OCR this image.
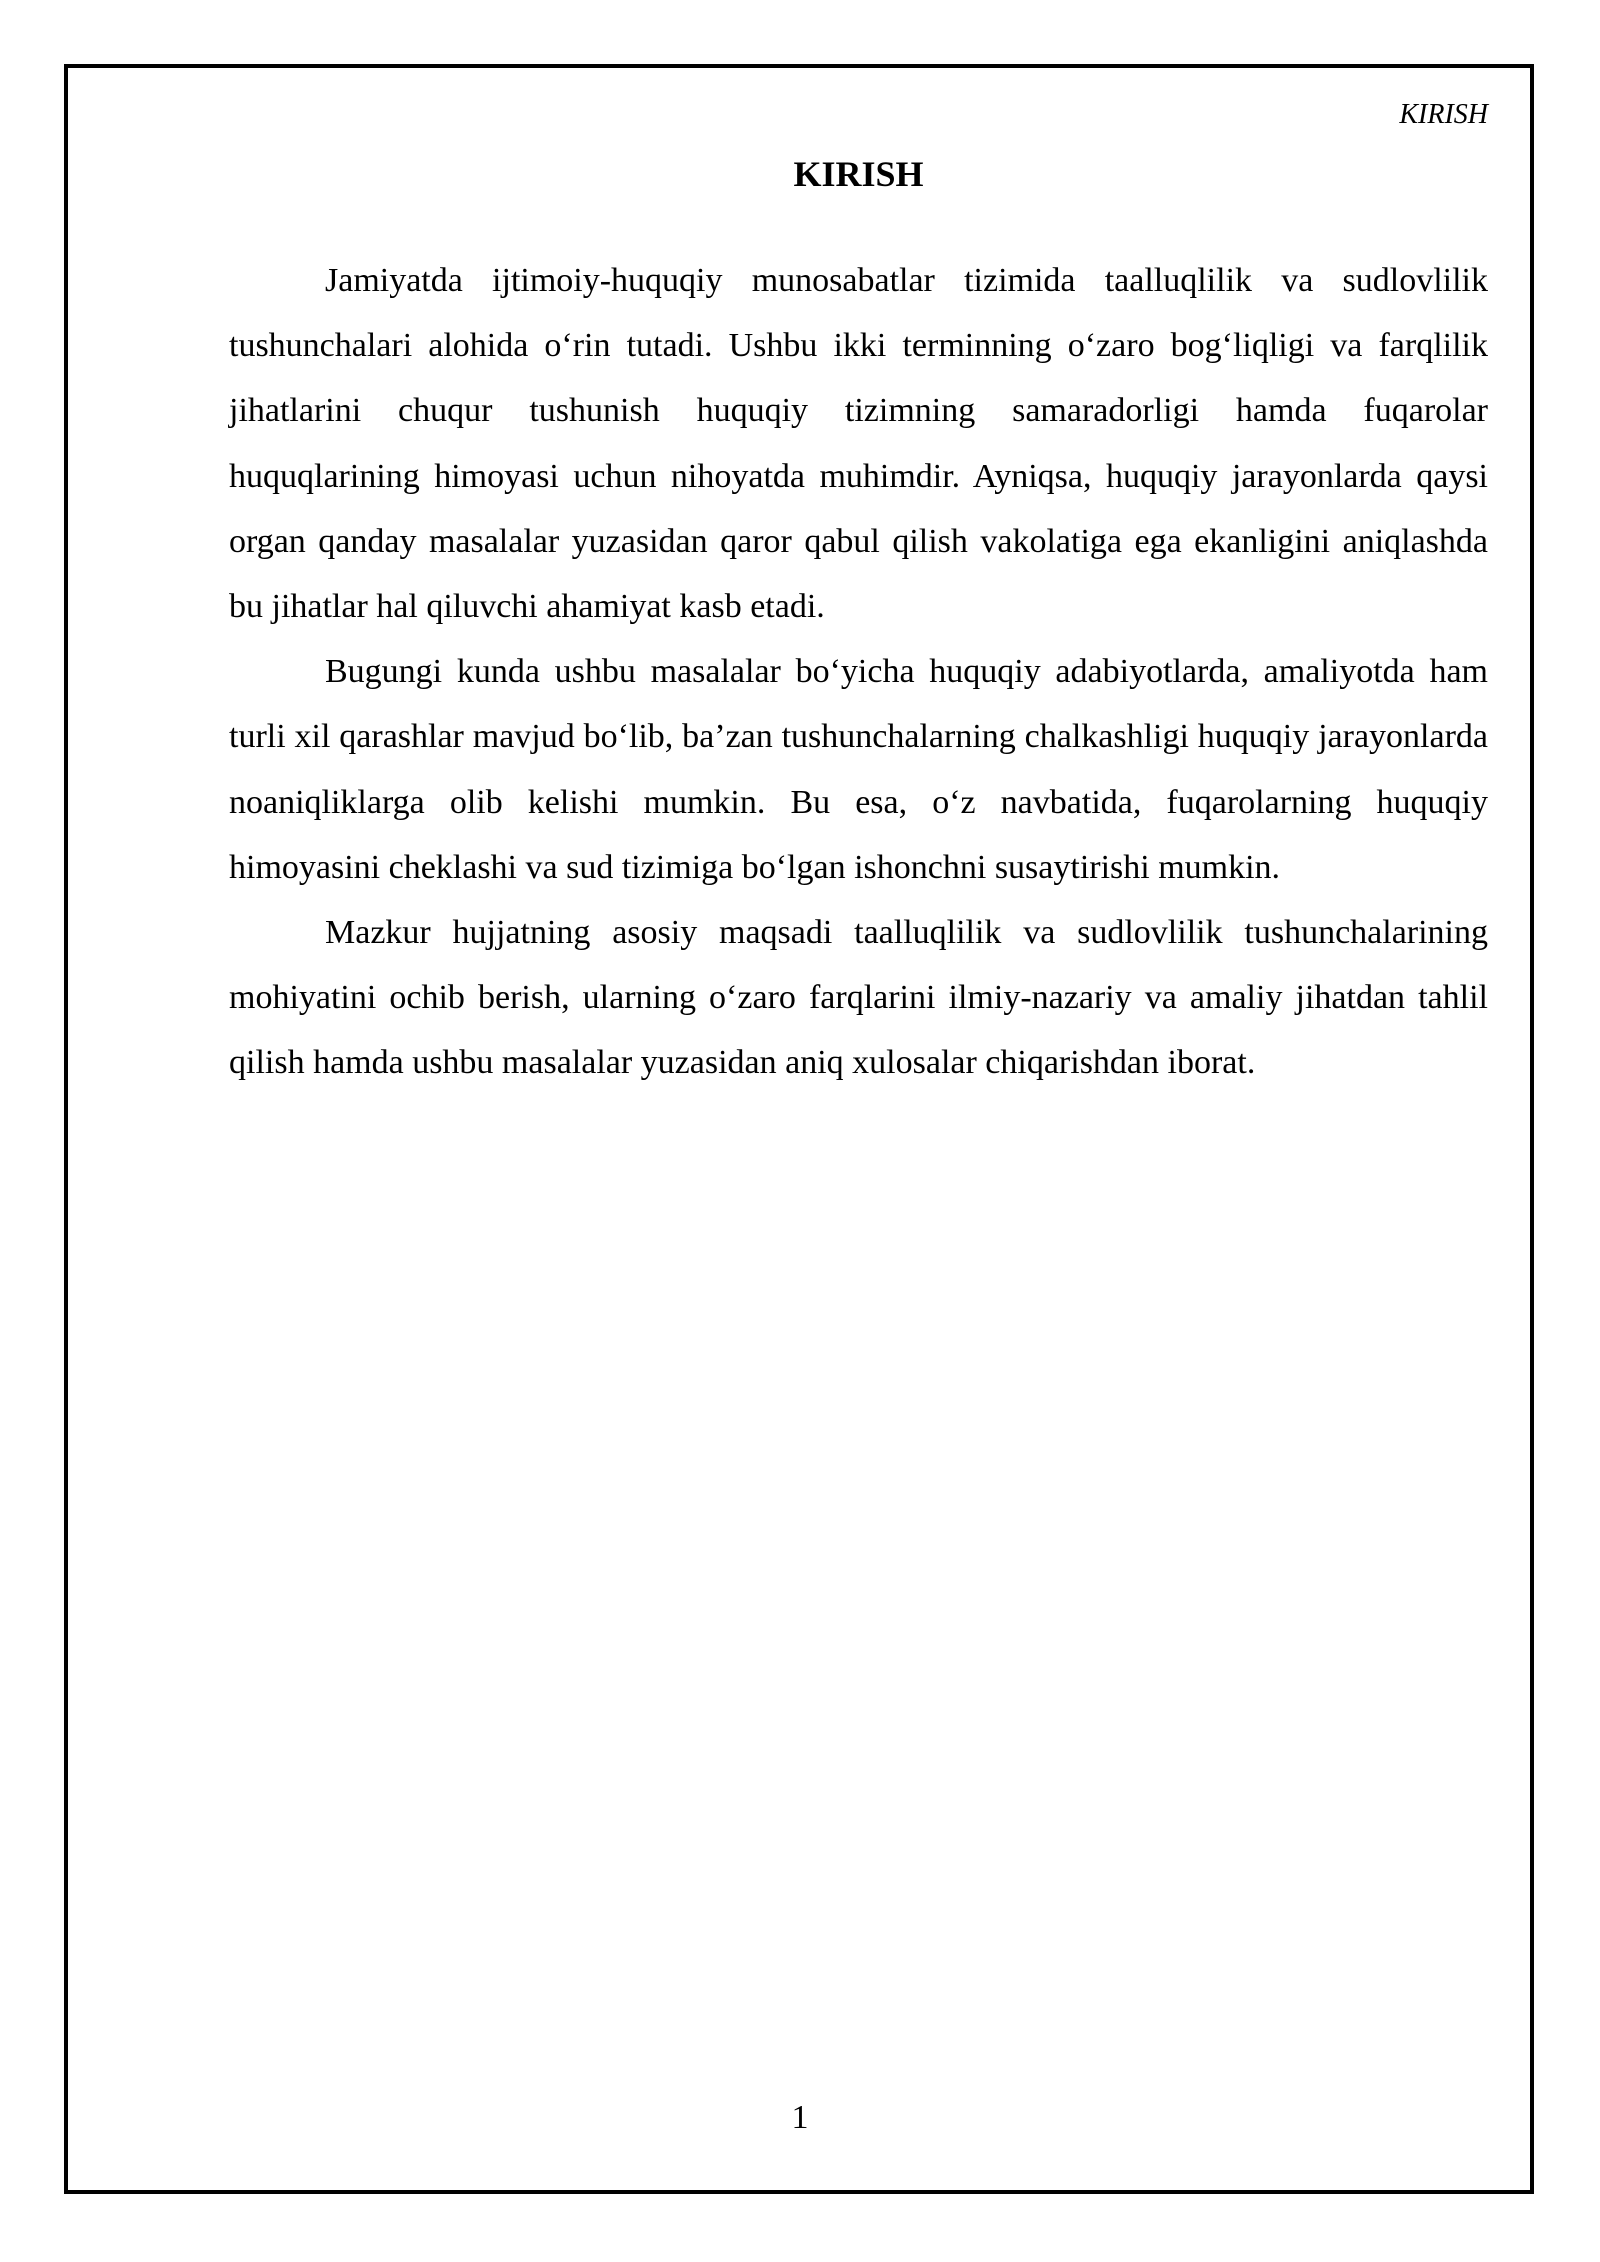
KIRISH
KIRISH

Jamiyatda ijtimoiy-huquqiy munosabatlar tizimida taalluqlilik va sudlovlilik tushunchalari alohida o‘rin tutadi. Ushbu ikki terminning o‘zaro bog‘liqligi va farqlilik jihatlarini chuqur tushunish huquqiy tizimning samaradorligi hamda fuqarolar huquqlarining himoyasi uchun nihoyatda muhimdir. Ayniqsa, huquqiy jarayonlarda qaysi organ qanday masalalar yuzasidan qaror qabul qilish vakolatiga ega ekanligini aniqlashda bu jihatlar hal qiluvchi ahamiyat kasb etadi.

Bugungi kunda ushbu masalalar bo‘yicha huquqiy adabiyotlarda, amaliyotda ham turli xil qarashlar mavjud bo‘lib, ba’zan tushunchalarning chalkashligi huquqiy jarayonlarda noaniqliklarga olib kelishi mumkin. Bu esa, o‘z navbatida, fuqarolarning huquqiy himoyasini cheklashi va sud tizimiga bo‘lgan ishonchni susaytirishi mumkin.

Mazkur hujjatning asosiy maqsadi taalluqlilik va sudlovlilik tushunchalarining mohiyatini ochib berish, ularning o‘zaro farqlarini ilmiy-nazariy va amaliy jihatdan tahlil qilish hamda ushbu masalalar yuzasidan aniq xulosalar chiqarishdan iborat.

1
